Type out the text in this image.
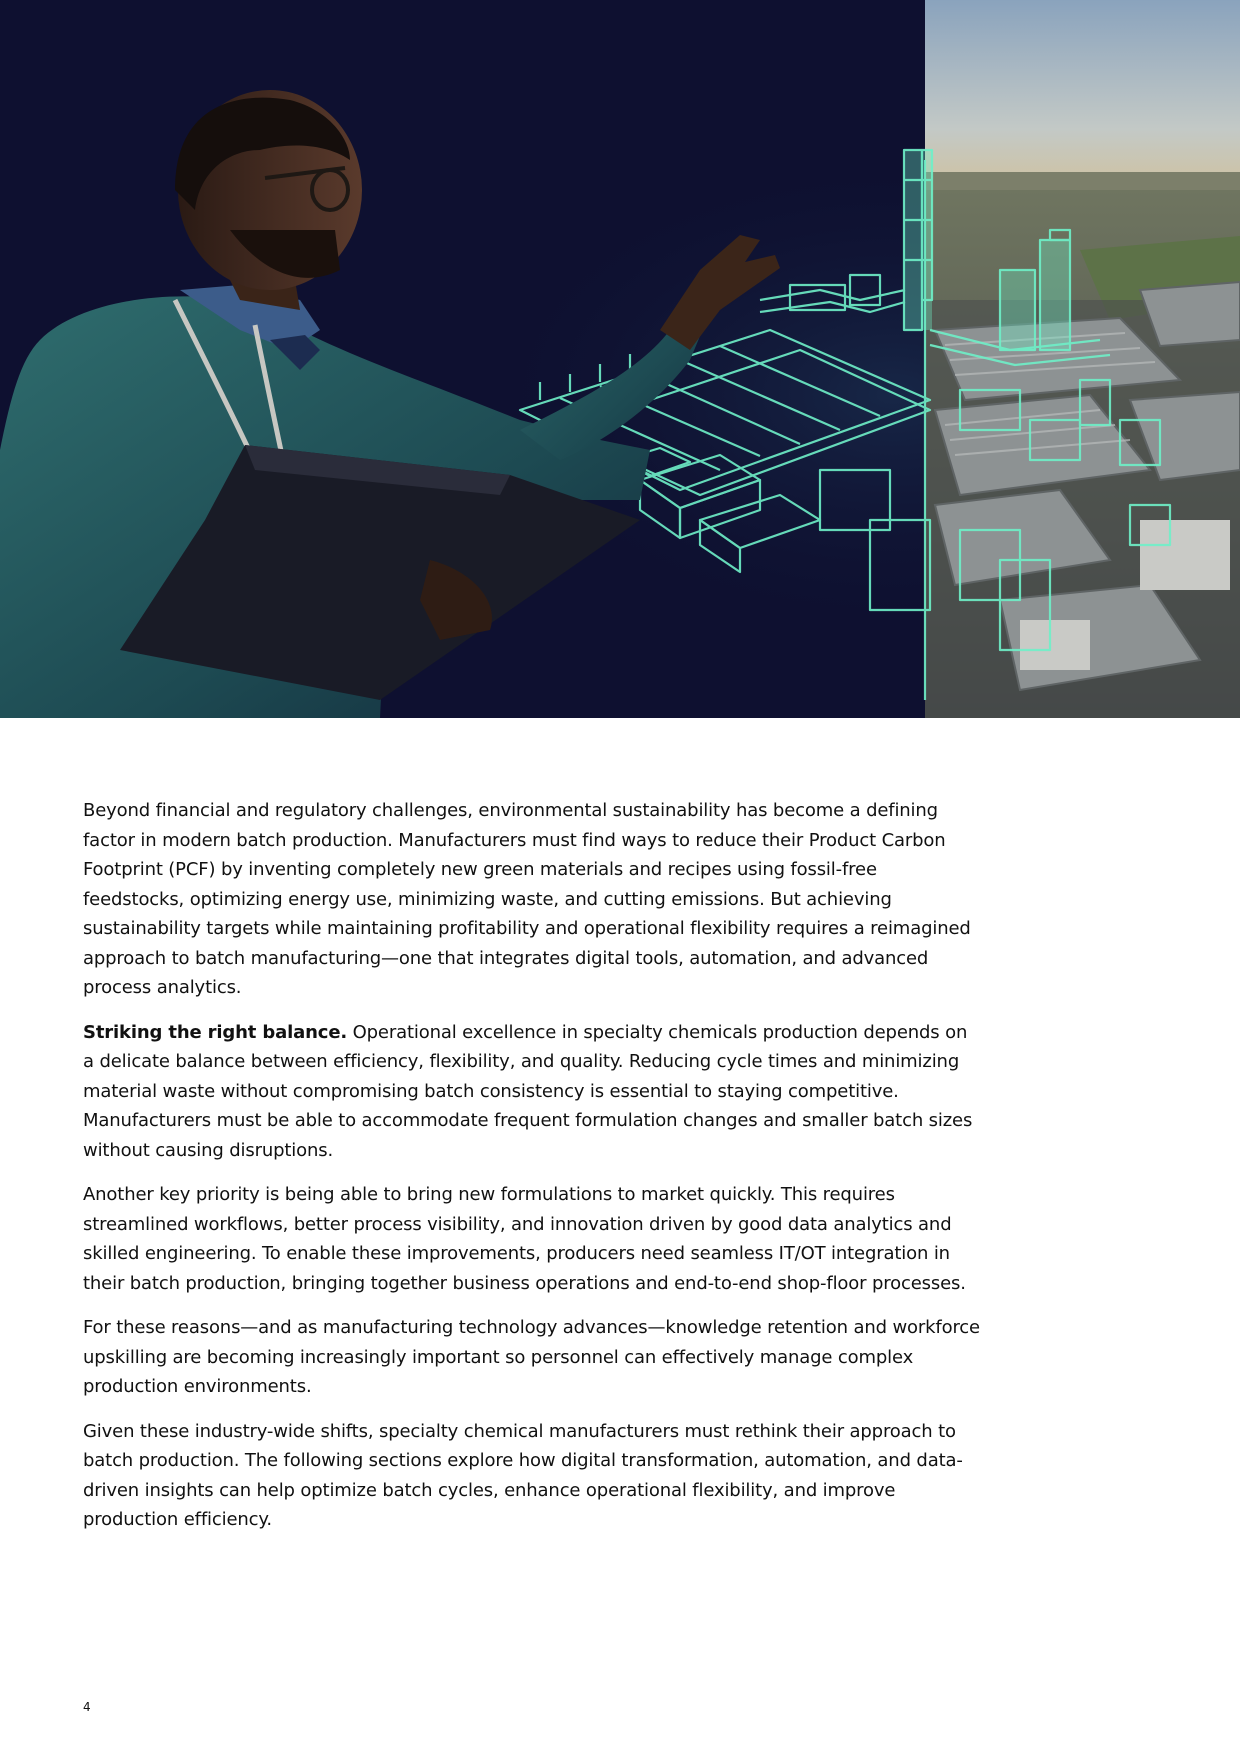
Beyond financial and regulatory challenges, environmental sustainability has become a defining factor in modern batch production. Manufacturers must find ways to reduce their Product Carbon Footprint (PCF) by inventing completely new green materials and recipes using fossil-free feedstocks, optimizing energy use, minimizing waste, and cutting emissions. But achieving sustainability targets while maintaining profitability and operational flexibility requires a reimagined approach to batch manufacturing—one that integrates digital tools, automation, and advanced process analytics.

Striking the right balance. Operational excellence in specialty chemicals production depends on a delicate balance between efficiency, flexibility, and quality. Reducing cycle times and minimizing material waste without compromising batch consistency is essential to staying competitive. Manufacturers must be able to accommodate frequent formulation changes and smaller batch sizes without causing disruptions.

Another key priority is being able to bring new formulations to market quickly. This requires streamlined workflows, better process visibility, and innovation driven by good data analytics and skilled engineering. To enable these improvements, producers need seamless IT/OT integration in their batch production, bringing together business operations and end-to-end shop-floor processes.

For these reasons—and as manufacturing technology advances—knowledge retention and workforce upskilling are becoming increasingly important so personnel can effectively manage complex production environments.

Given these industry-wide shifts, specialty chemical manufacturers must rethink their approach to batch production. The following sections explore how digital transformation, automation, and data-driven insights can help optimize batch cycles, enhance operational flexibility, and improve production efficiency.

4
